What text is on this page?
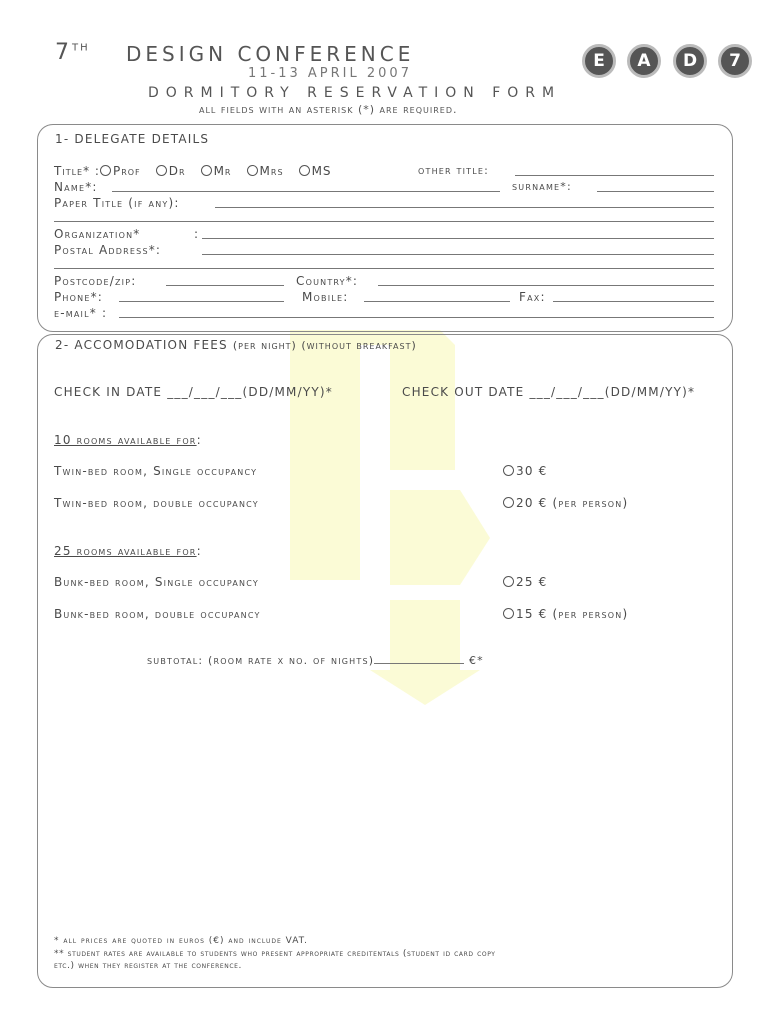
7TH DESIGN CONFERENCE
11-13 APRIL 2007
DORMITORY RESERVATION FORM
all fields with an asterisk (*) are required.
E	A	D	7
1- DELEGATE DETAILS
Title* : Prof Dr Mr Mrs MS	other title:
Name*:	surname*:
Paper Title (if any):
Organization*	:
Postal Address*:
Postcode/zip:	Country*:
Phone*:	Mobile:	Fax:
e-mail* :
2- ACCOMODATION FEES (per night) (without breakfast)
CHECK IN DATE ___/___/___(DD/MM/YY)*	CHECK OUT DATE ___/___/___(DD/MM/YY)*
10 rooms available for:
Twin-bed room, Single occupancy	30 €
Twin-bed room, double occupancy	20 € (per person)
25 rooms available for:
Bunk-bed room, Single occupancy	25 €
Bunk-bed room, double occupancy	15 € (per person)
subtotal: (room rate x no. of nights)	€*
* all prices are quoted in euros (€) and include VAT.
** student rates are available to students who present appropriate creditentals (student id card copy
etc.) when they register at the conference.
